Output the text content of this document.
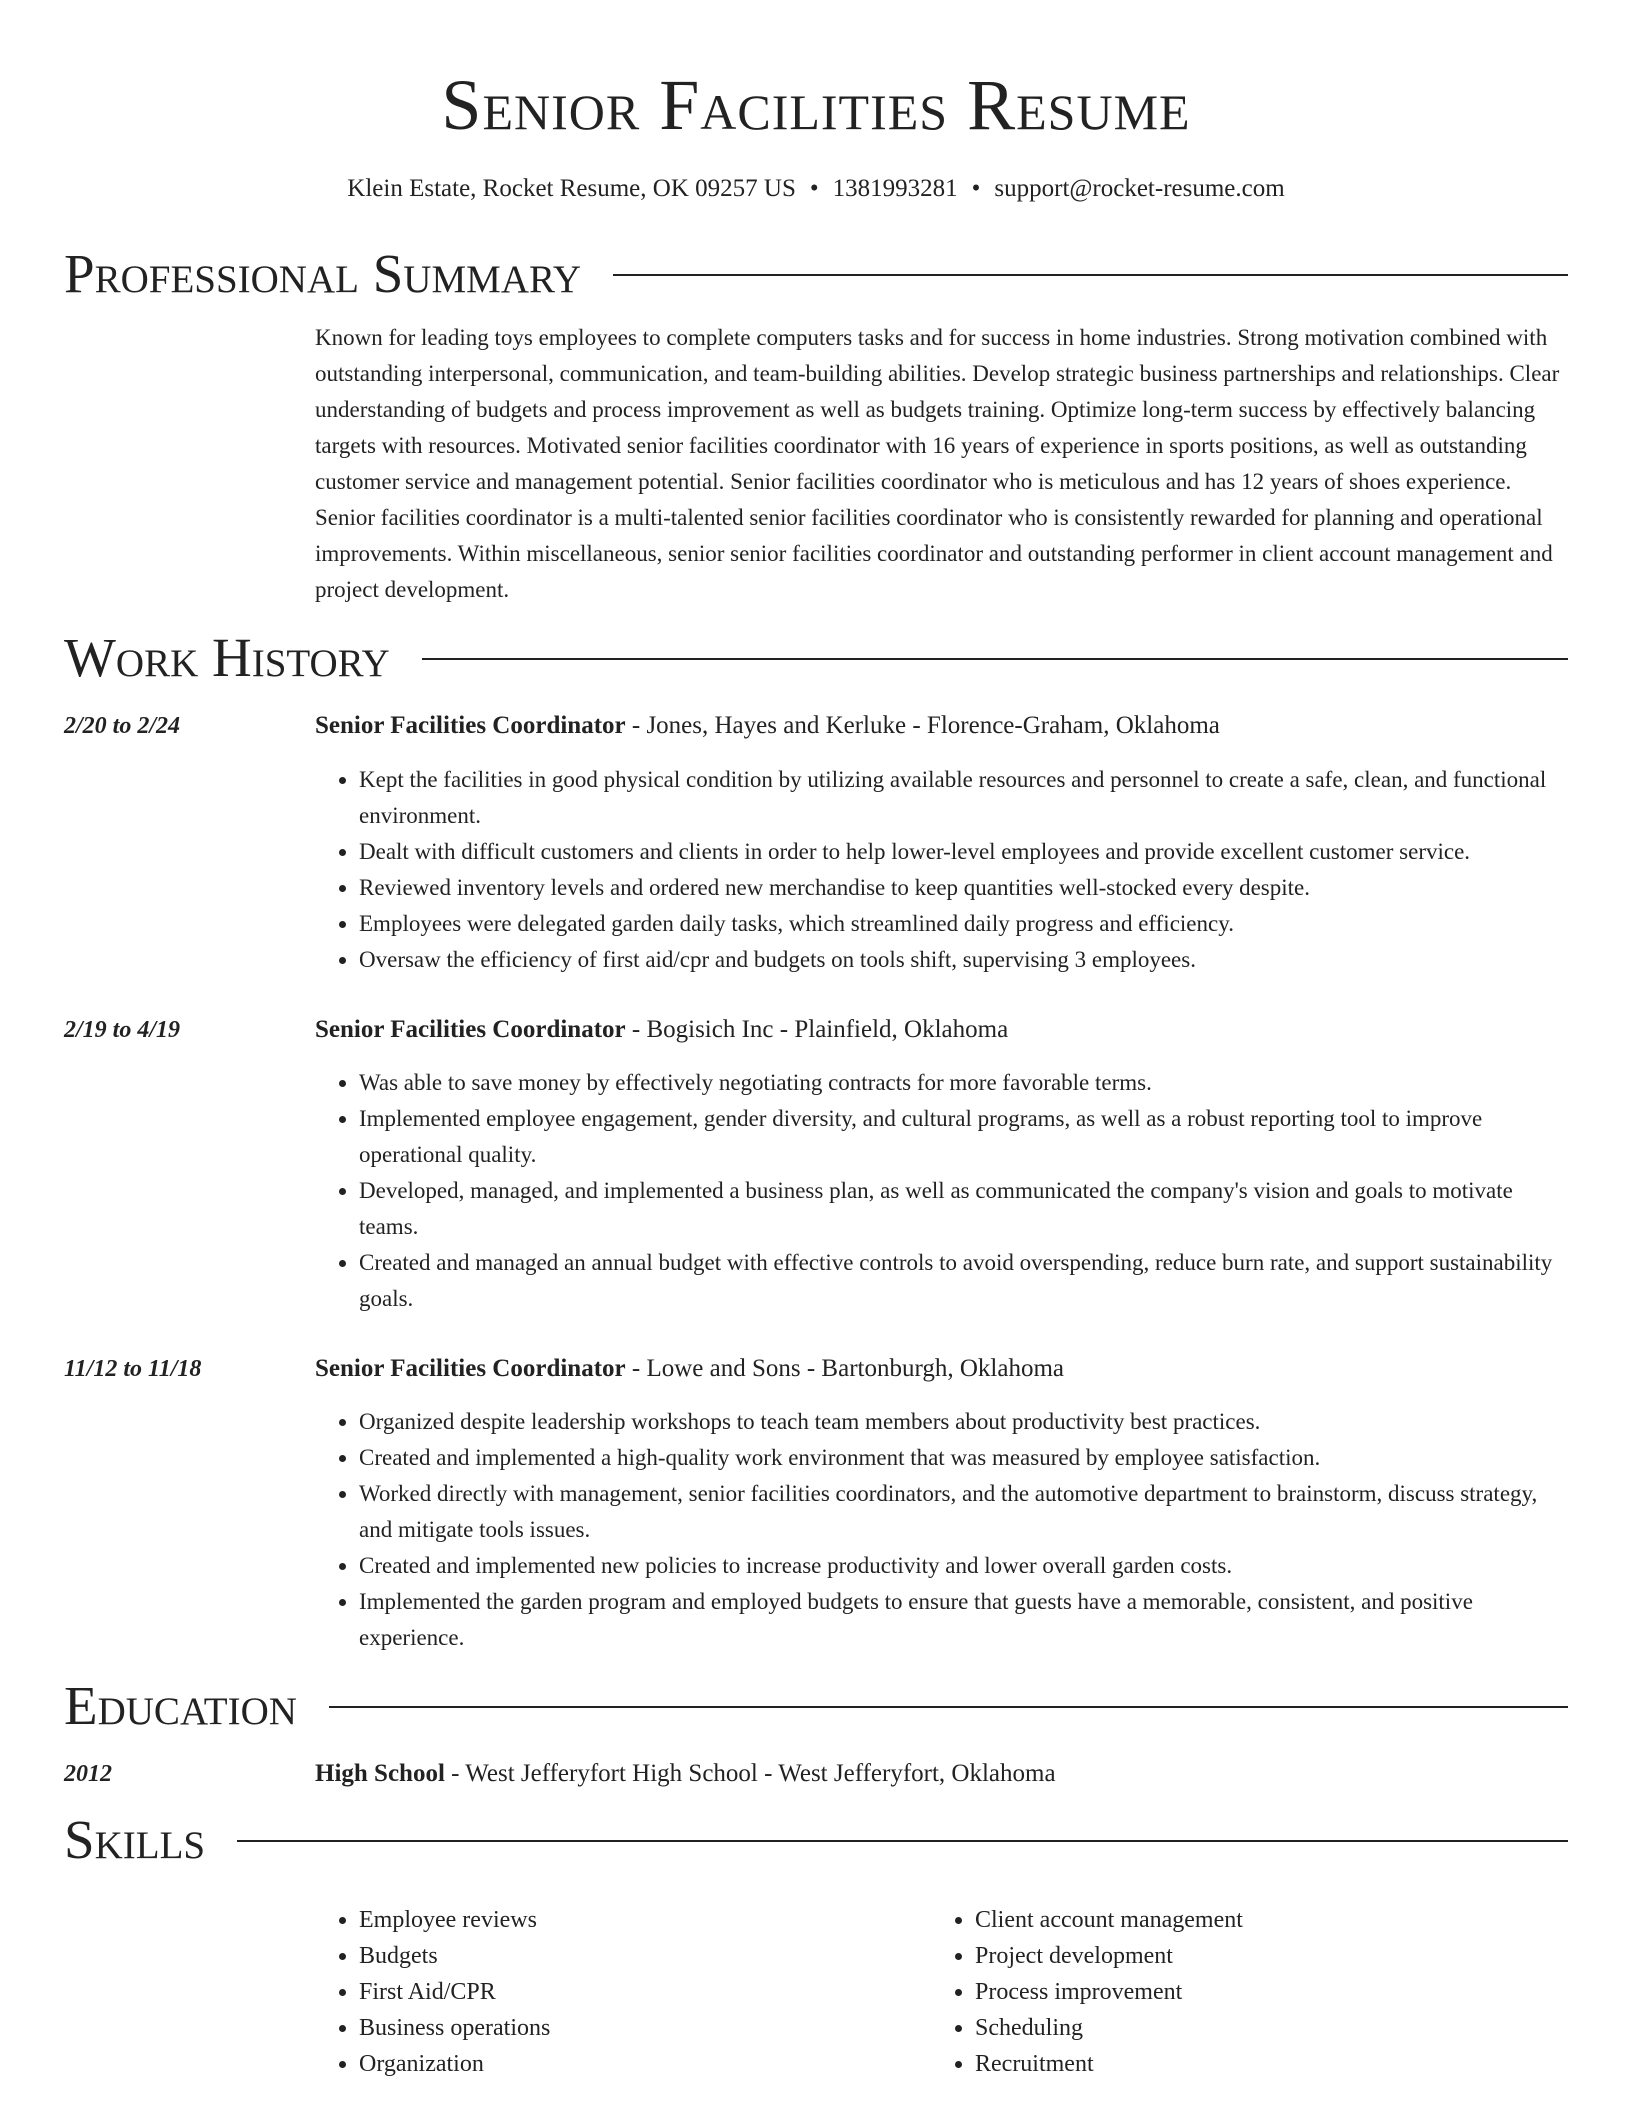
Senior Facilities Resume
Klein Estate, Rocket Resume, OK 09257 US • 1381993281 • support@rocket-resume.com
Professional Summary

Known for leading toys employees to complete computers tasks and for success in home industries. Strong motivation combined with outstanding interpersonal, communication, and team-building abilities. Develop strategic business partnerships and relationships. Clear understanding of budgets and process improvement as well as budgets training. Optimize long-term success by effectively balancing targets with resources. Motivated senior facilities coordinator with 16 years of experience in sports positions, as well as outstanding customer service and management potential. Senior facilities coordinator who is meticulous and has 12 years of shoes experience. Senior facilities coordinator is a multi-talented senior facilities coordinator who is consistently rewarded for planning and operational improvements. Within miscellaneous, senior senior facilities coordinator and outstanding performer in client account management and project development.

Work History
2/20 to 2/24	Senior Facilities Coordinator - Jones, Hayes and Kerluke - Florence-Graham, Oklahoma
• Kept the facilities in good physical condition by utilizing available resources and personnel to create a safe, clean, and functional environment.
• Dealt with difficult customers and clients in order to help lower-level employees and provide excellent customer service.
• Reviewed inventory levels and ordered new merchandise to keep quantities well-stocked every despite.
• Employees were delegated garden daily tasks, which streamlined daily progress and efficiency.
• Oversaw the efficiency of first aid/cpr and budgets on tools shift, supervising 3 employees.
2/19 to 4/19	Senior Facilities Coordinator - Bogisich Inc - Plainfield, Oklahoma
• Was able to save money by effectively negotiating contracts for more favorable terms.
• Implemented employee engagement, gender diversity, and cultural programs, as well as a robust reporting tool to improve operational quality.
• Developed, managed, and implemented a business plan, as well as communicated the company's vision and goals to motivate teams.
• Created and managed an annual budget with effective controls to avoid overspending, reduce burn rate, and support sustainability goals.
11/12 to 11/18	Senior Facilities Coordinator - Lowe and Sons - Bartonburgh, Oklahoma
• Organized despite leadership workshops to teach team members about productivity best practices.
• Created and implemented a high-quality work environment that was measured by employee satisfaction.
• Worked directly with management, senior facilities coordinators, and the automotive department to brainstorm, discuss strategy, and mitigate tools issues.
• Created and implemented new policies to increase productivity and lower overall garden costs.
• Implemented the garden program and employed budgets to ensure that guests have a memorable, consistent, and positive experience.
Education
2012	High School - West Jefferyfort High School - West Jefferyfort, Oklahoma
Skills
• Employee reviews
• Budgets
• First Aid/CPR
• Business operations
• Organization
• Client account management
• Project development
• Process improvement
• Scheduling
• Recruitment
